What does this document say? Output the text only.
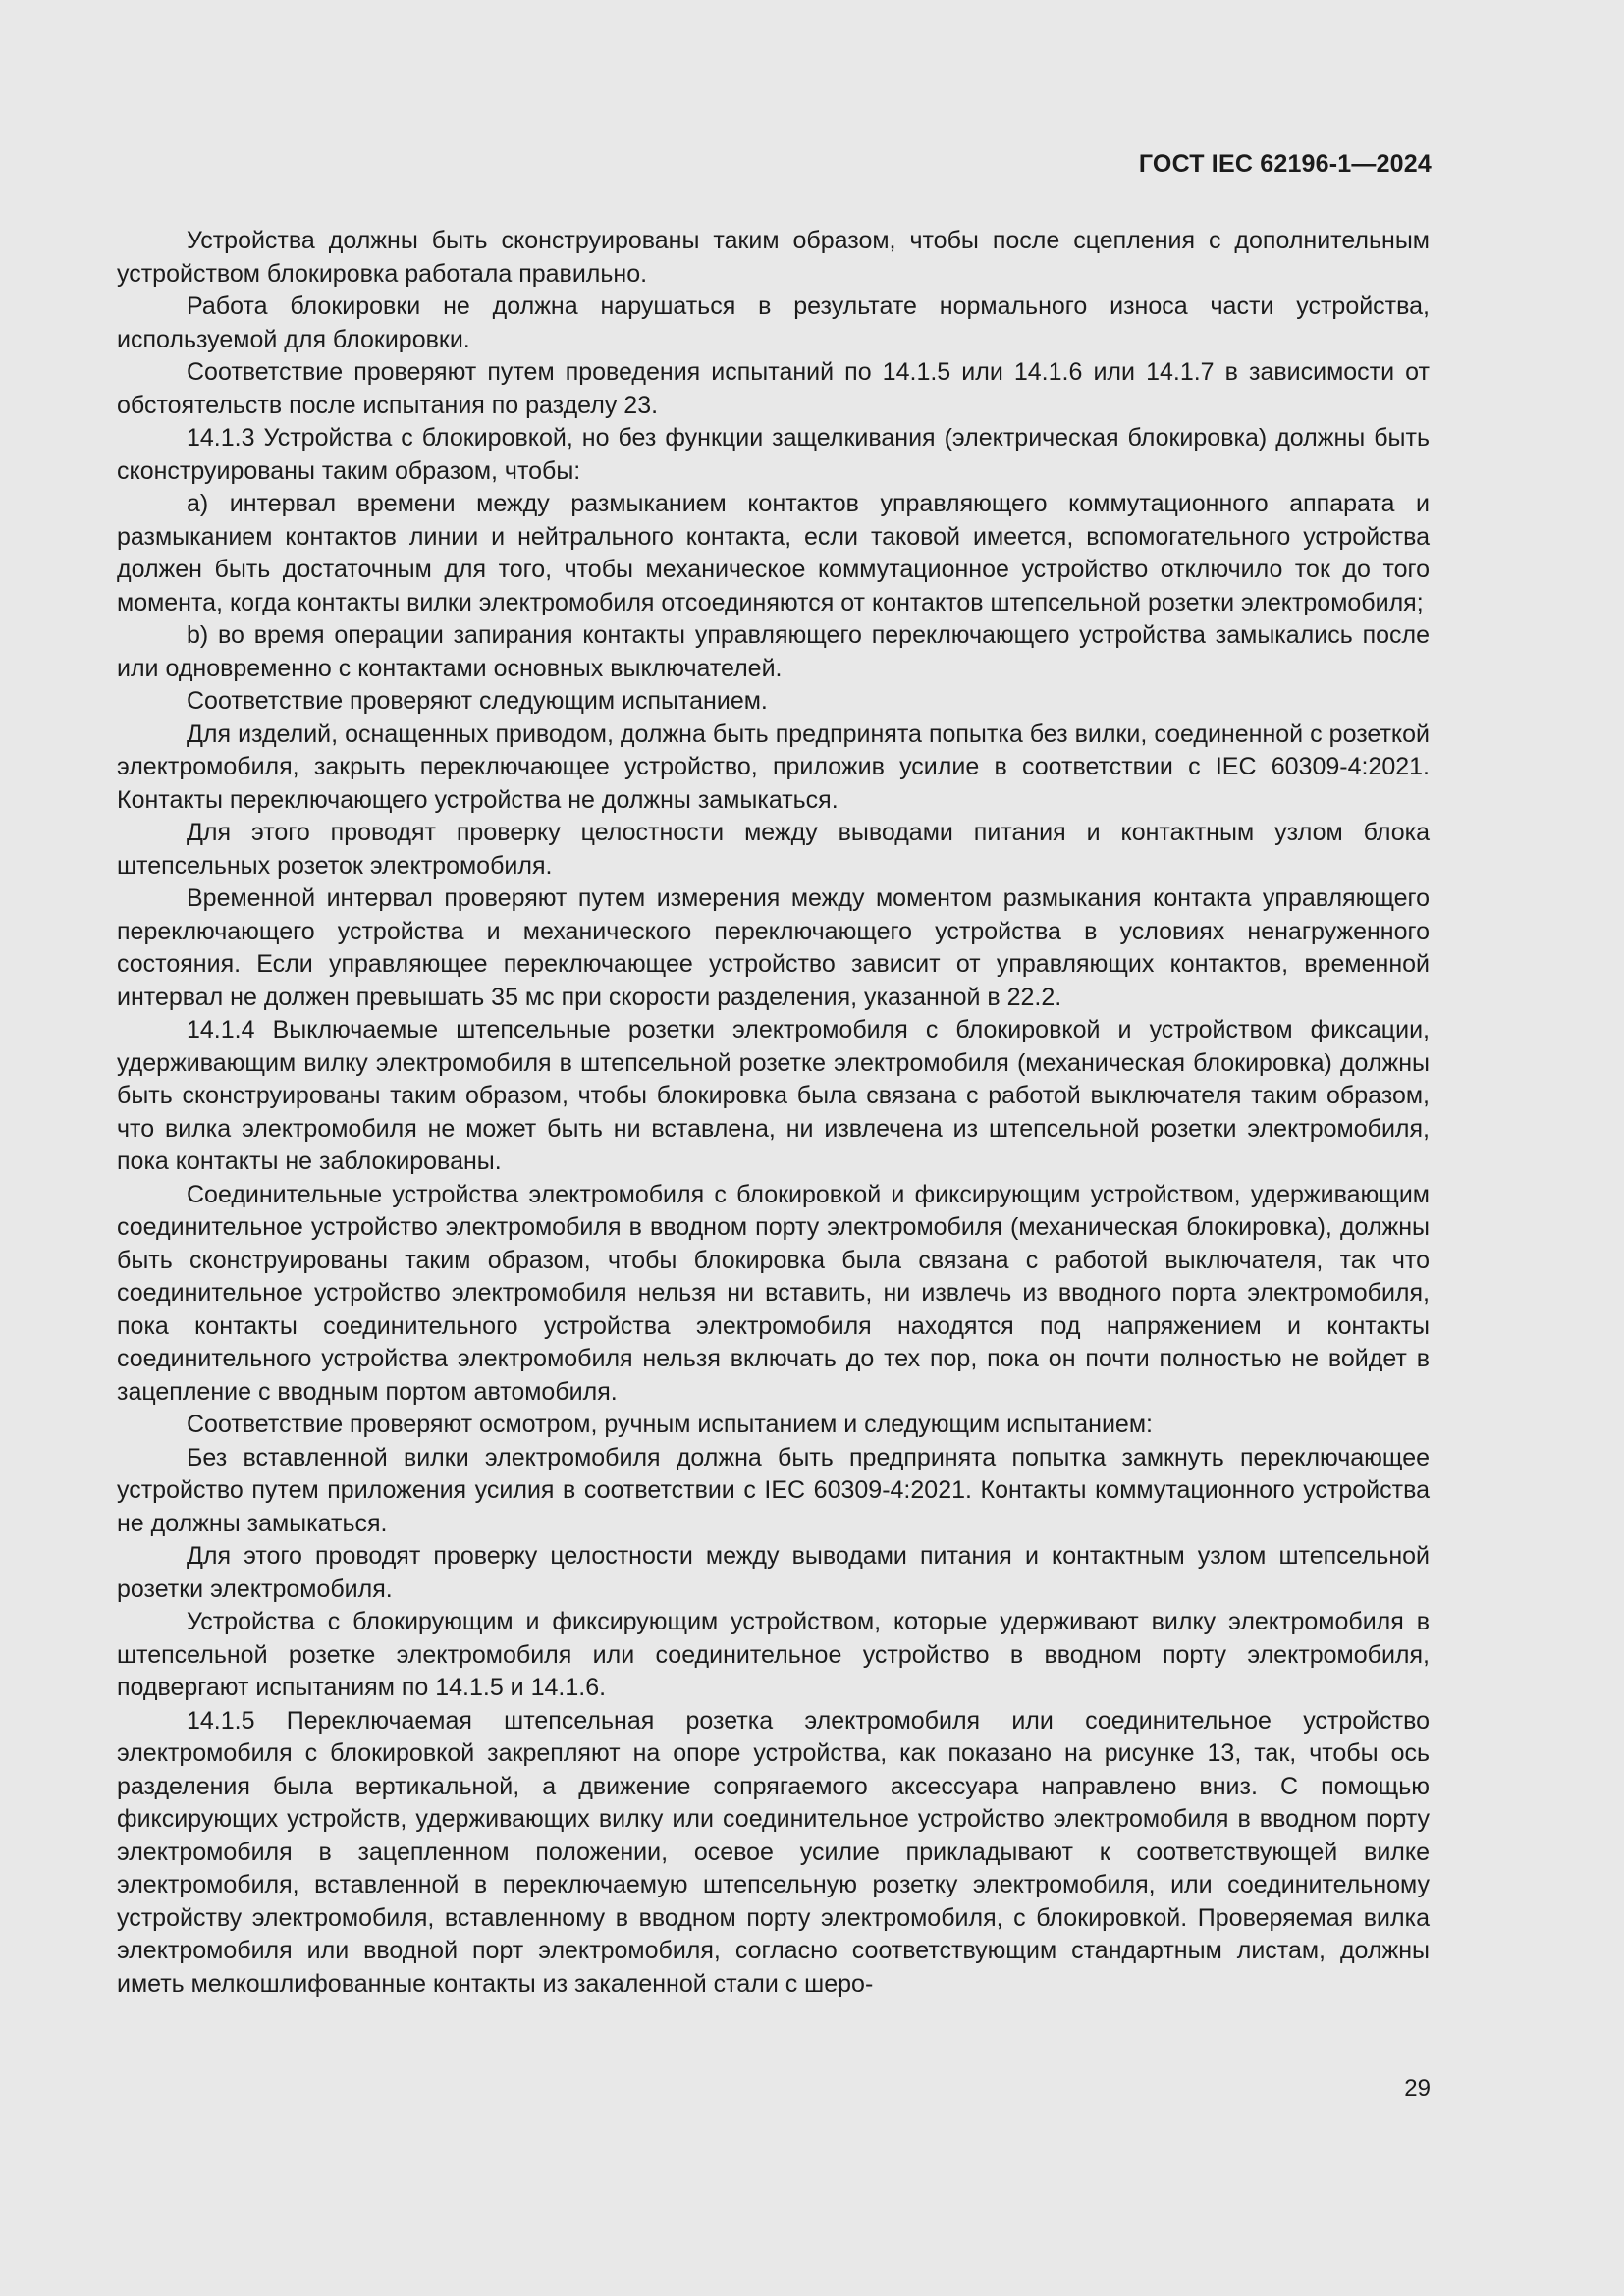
ГОСТ IEC 62196-1—2024

Устройства должны быть сконструированы таким образом, чтобы после сцепления с дополнительным устройством блокировка работала правильно.

Работа блокировки не должна нарушаться в результате нормального износа части устройства, используемой для блокировки.

Соответствие проверяют путем проведения испытаний по 14.1.5 или 14.1.6 или 14.1.7 в зависимости от обстоятельств после испытания по разделу 23.

14.1.3 Устройства с блокировкой, но без функции защелкивания (электрическая блокировка) должны быть сконструированы таким образом, чтобы:

a) интервал времени между размыканием контактов управляющего коммутационного аппарата и размыканием контактов линии и нейтрального контакта, если таковой имеется, вспомогательного устройства должен быть достаточным для того, чтобы механическое коммутационное устройство отключило ток до того момента, когда контакты вилки электромобиля отсоединяются от контактов штепсельной розетки электромобиля;

b) во время операции запирания контакты управляющего переключающего устройства замыкались после или одновременно с контактами основных выключателей.

Соответствие проверяют следующим испытанием.

Для изделий, оснащенных приводом, должна быть предпринята попытка без вилки, соединенной с розеткой электромобиля, закрыть переключающее устройство, приложив усилие в соответствии с IEC 60309-4:2021. Контакты переключающего устройства не должны замыкаться.

Для этого проводят проверку целостности между выводами питания и контактным узлом блока штепсельных розеток электромобиля.

Временной интервал проверяют путем измерения между моментом размыкания контакта управляющего переключающего устройства и механического переключающего устройства в условиях ненагруженного состояния. Если управляющее переключающее устройство зависит от управляющих контактов, временной интервал не должен превышать 35 мс при скорости разделения, указанной в 22.2.

14.1.4 Выключаемые штепсельные розетки электромобиля с блокировкой и устройством фиксации, удерживающим вилку электромобиля в штепсельной розетке электромобиля (механическая блокировка) должны быть сконструированы таким образом, чтобы блокировка была связана с работой выключателя таким образом, что вилка электромобиля не может быть ни вставлена, ни извлечена из штепсельной розетки электромобиля, пока контакты не заблокированы.

Соединительные устройства электромобиля с блокировкой и фиксирующим устройством, удерживающим соединительное устройство электромобиля в вводном порту электромобиля (механическая блокировка), должны быть сконструированы таким образом, чтобы блокировка была связана с работой выключателя, так что соединительное устройство электромобиля нельзя ни вставить, ни извлечь из вводного порта электромобиля, пока контакты соединительного устройства электромобиля находятся под напряжением и контакты соединительного устройства электромобиля нельзя включать до тех пор, пока он почти полностью не войдет в зацепление с вводным портом автомобиля.

Соответствие проверяют осмотром, ручным испытанием и следующим испытанием:

Без вставленной вилки электромобиля должна быть предпринята попытка замкнуть переключающее устройство путем приложения усилия в соответствии с IEC 60309-4:2021. Контакты коммутационного устройства не должны замыкаться.

Для этого проводят проверку целостности между выводами питания и контактным узлом штепсельной розетки электромобиля.

Устройства с блокирующим и фиксирующим устройством, которые удерживают вилку электромобиля в штепсельной розетке электромобиля или соединительное устройство в вводном порту электромобиля, подвергают испытаниям по 14.1.5 и 14.1.6.

14.1.5 Переключаемая штепсельная розетка электромобиля или соединительное устройство электромобиля с блокировкой закрепляют на опоре устройства, как показано на рисунке 13, так, чтобы ось разделения была вертикальной, а движение сопрягаемого аксессуара направлено вниз. С помощью фиксирующих устройств, удерживающих вилку или соединительное устройство электромобиля в вводном порту электромобиля в зацепленном положении, осевое усилие прикладывают к соответствующей вилке электромобиля, вставленной в переключаемую штепсельную розетку электромобиля, или соединительному устройству электромобиля, вставленному в вводном порту электромобиля, с блокировкой. Проверяемая вилка электромобиля или вводной порт электромобиля, согласно соответствующим стандартным листам, должны иметь мелкошлифованные контакты из закаленной стали с шеро-

29
